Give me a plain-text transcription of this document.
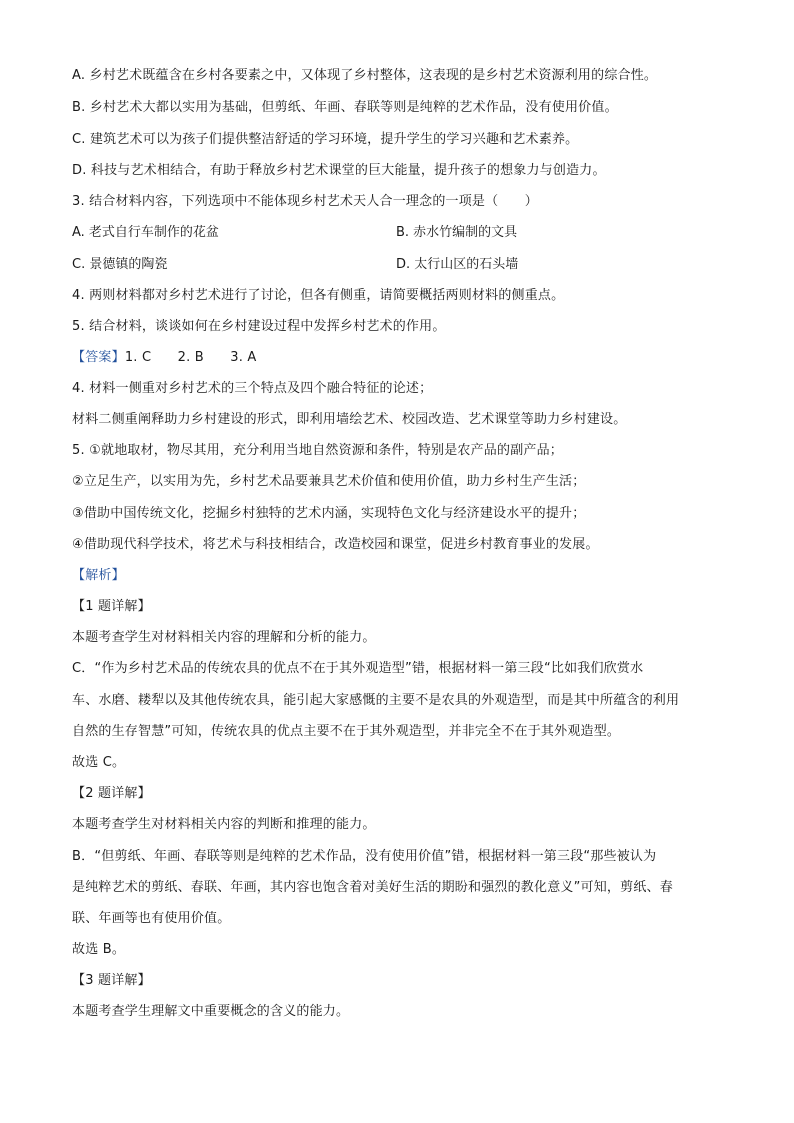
A. 乡村艺术既蕴含在乡村各要素之中，又体现了乡村整体，这表现的是乡村艺术资源利用的综合性。
B. 乡村艺术大都以实用为基础，但剪纸、年画、春联等则是纯粹的艺术作品，没有使用价值。
C. 建筑艺术可以为孩子们提供整洁舒适的学习环境，提升学生的学习兴趣和艺术素养。
D. 科技与艺术相结合，有助于释放乡村艺术课堂的巨大能量，提升孩子的想象力与创造力。
3. 结合材料内容，下列选项中不能体现乡村艺术天人合一理念的一项是（　　）
A. 老式自行车制作的花盆	B. 赤水竹编制的文具
C. 景德镇的陶瓷	D. 太行山区的石头墙
4. 两则材料都对乡村艺术进行了讨论，但各有侧重，请简要概括两则材料的侧重点。
5. 结合材料，谈谈如何在乡村建设过程中发挥乡村艺术的作用。
【答案】1. C　　2. B　　3. A
4. 材料一侧重对乡村艺术的三个特点及四个融合特征的论述；
材料二侧重阐释助力乡村建设的形式，即利用墙绘艺术、校园改造、艺术课堂等助力乡村建设。
5. ①就地取材，物尽其用，充分利用当地自然资源和条件，特别是农产品的副产品；
②立足生产，以实用为先，乡村艺术品要兼具艺术价值和使用价值，助力乡村生产生活；
③借助中国传统文化，挖掘乡村独特的艺术内涵，实现特色文化与经济建设水平的提升；
④借助现代科学技术，将艺术与科技相结合，改造校园和课堂，促进乡村教育事业的发展。
【解析】
【1 题详解】
本题考查学生对材料相关内容的理解和分析的能力。
C．“作为乡村艺术品的传统农具的优点不在于其外观造型”错，根据材料一第三段“比如我们欣赏水
车、水磨、耧犁以及其他传统农具，能引起大家感慨的主要不是农具的外观造型，而是其中所蕴含的利用
自然的生存智慧”可知，传统农具的优点主要不在于其外观造型，并非完全不在于其外观造型。
故选 C。
【2 题详解】
本题考查学生对材料相关内容的判断和推理的能力。
B．“但剪纸、年画、春联等则是纯粹的艺术作品，没有使用价值”错，根据材料一第三段“那些被认为
是纯粹艺术的剪纸、春联、年画，其内容也饱含着对美好生活的期盼和强烈的教化意义”可知，剪纸、春
联、年画等也有使用价值。
故选 B。
【3 题详解】
本题考查学生理解文中重要概念的含义的能力。
